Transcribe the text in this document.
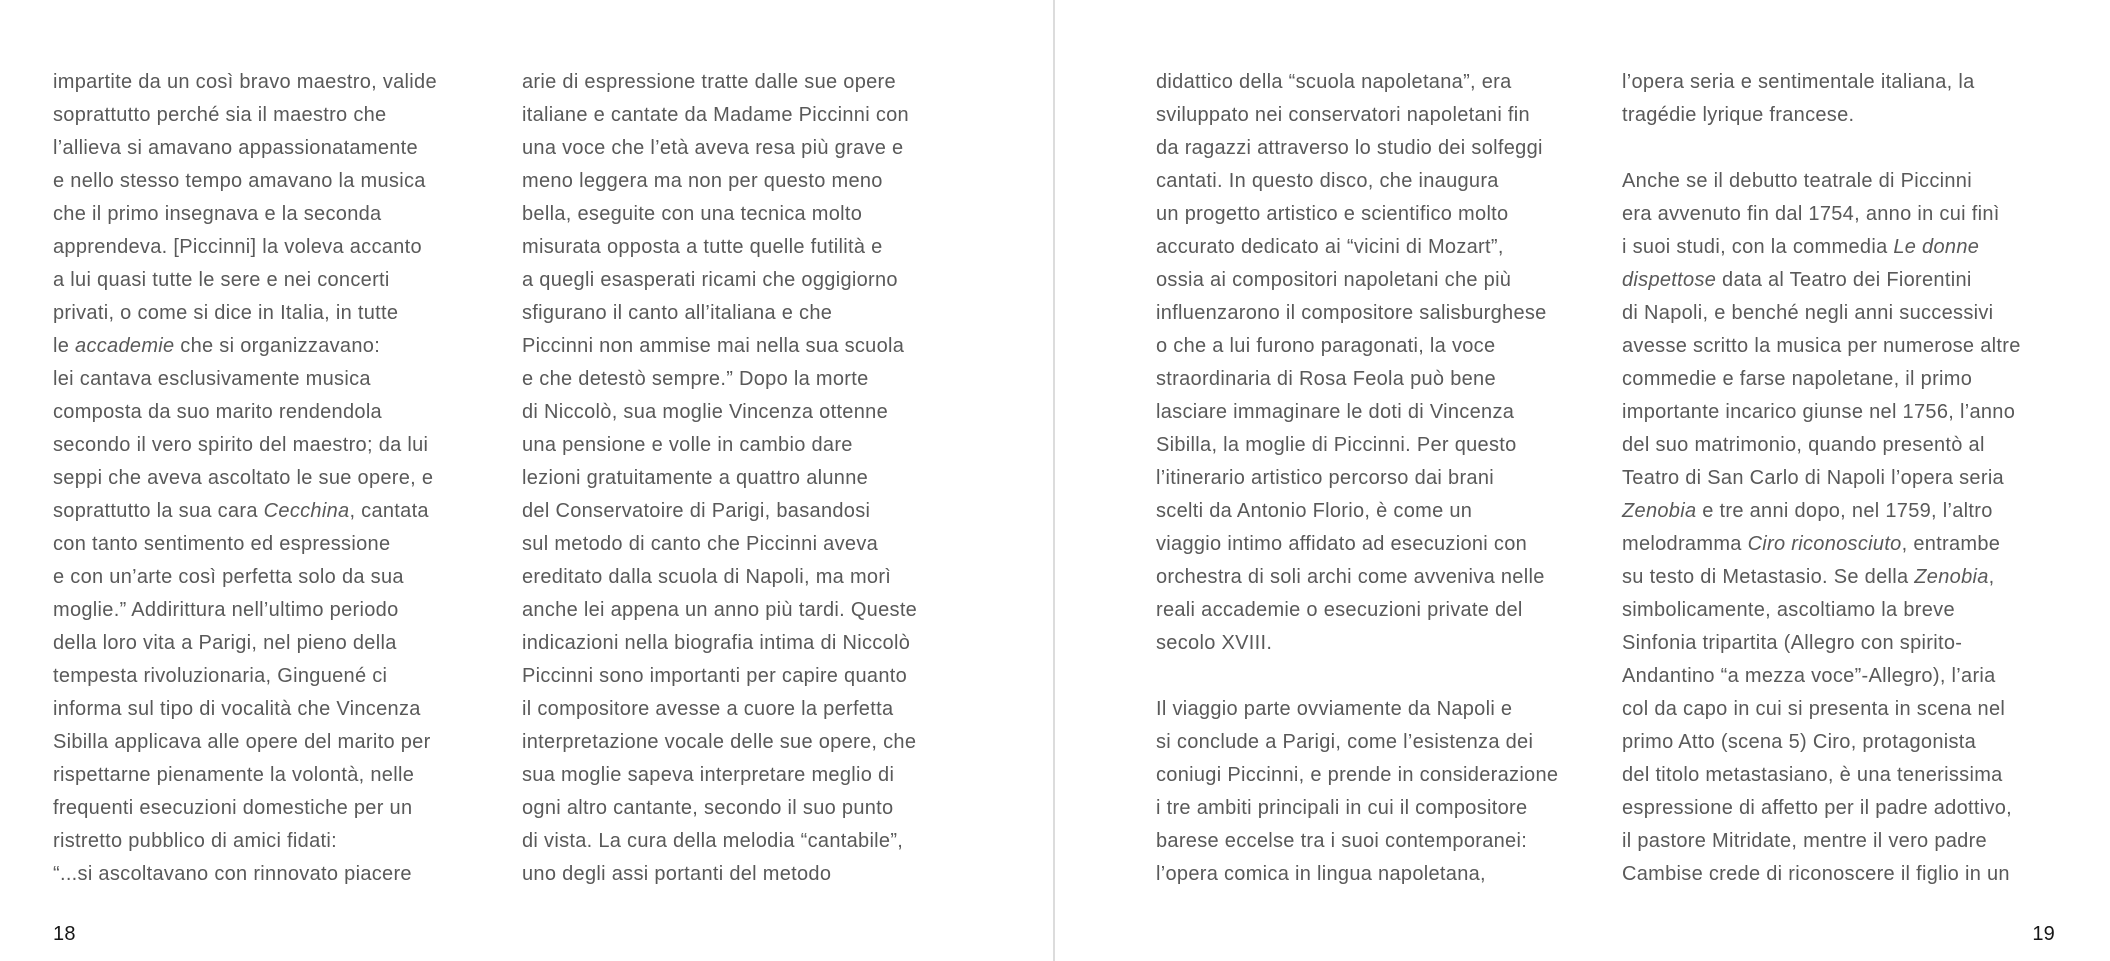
impartite da un così bravo maestro, valide
soprattutto perché sia il maestro che
l’allieva si amavano appassionatamente
e nello stesso tempo amavano la musica
che il primo insegnava e la seconda
apprendeva. [Piccinni] la voleva accanto
a lui quasi tutte le sere e nei concerti
privati, o come si dice in Italia, in tutte
le accademie che si organizzavano:
lei cantava esclusivamente musica
composta da suo marito rendendola
secondo il vero spirito del maestro; da lui
seppi che aveva ascoltato le sue opere, e
soprattutto la sua cara Cecchina, cantata
con tanto sentimento ed espressione
e con un’arte così perfetta solo da sua
moglie.” Addirittura nell’ultimo periodo
della loro vita a Parigi, nel pieno della
tempesta rivoluzionaria, Ginguené ci
informa sul tipo di vocalità che Vincenza
Sibilla applicava alle opere del marito per
rispettarne pienamente la volontà, nelle
frequenti esecuzioni domestiche per un
ristretto pubblico di amici fidati:
“...si ascoltavano con rinnovato piacere
arie di espressione tratte dalle sue opere
italiane e cantate da Madame Piccinni con
una voce che l’età aveva resa più grave e
meno leggera ma non per questo meno
bella, eseguite con una tecnica molto
misurata opposta a tutte quelle futilità e
a quegli esasperati ricami che oggigiorno
sfigurano il canto all’italiana e che
Piccinni non ammise mai nella sua scuola
e che detestò sempre.” Dopo la morte
di Niccolò, sua moglie Vincenza ottenne
una pensione e volle in cambio dare
lezioni gratuitamente a quattro alunne
del Conservatoire di Parigi, basandosi
sul metodo di canto che Piccinni aveva
ereditato dalla scuola di Napoli, ma morì
anche lei appena un anno più tardi. Queste
indicazioni nella biografia intima di Niccolò
Piccinni sono importanti per capire quanto
il compositore avesse a cuore la perfetta
interpretazione vocale delle sue opere, che
sua moglie sapeva interpretare meglio di
ogni altro cantante, secondo il suo punto
di vista. La cura della melodia “cantabile”,
uno degli assi portanti del metodo
18
didattico della “scuola napoletana”, era
sviluppato nei conservatori napoletani fin
da ragazzi attraverso lo studio dei solfeggi
cantati. In questo disco, che inaugura
un progetto artistico e scientifico molto
accurato dedicato ai “vicini di Mozart”,
ossia ai compositori napoletani che più
influenzarono il compositore salisburghese
o che a lui furono paragonati, la voce
straordinaria di Rosa Feola può bene
lasciare immaginare le doti di Vincenza
Sibilla, la moglie di Piccinni. Per questo
l’itinerario artistico percorso dai brani
scelti da Antonio Florio, è come un
viaggio intimo affidato ad esecuzioni con
orchestra di soli archi come avveniva nelle
reali accademie o esecuzioni private del
secolo XVIII.
Il viaggio parte ovviamente da Napoli e
si conclude a Parigi, come l’esistenza dei
coniugi Piccinni, e prende in considerazione
i tre ambiti principali in cui il compositore
barese eccelse tra i suoi contemporanei:
l’opera comica in lingua napoletana,
l’opera seria e sentimentale italiana, la
tragédie lyrique francese.
Anche se il debutto teatrale di Piccinni
era avvenuto fin dal 1754, anno in cui finì
i suoi studi, con la commedia Le donne
dispettose data al Teatro dei Fiorentini
di Napoli, e benché negli anni successivi
avesse scritto la musica per numerose altre
commedie e farse napoletane, il primo
importante incarico giunse nel 1756, l’anno
del suo matrimonio, quando presentò al
Teatro di San Carlo di Napoli l’opera seria
Zenobia e tre anni dopo, nel 1759, l’altro
melodramma Ciro riconosciuto, entrambe
su testo di Metastasio. Se della Zenobia,
simbolicamente, ascoltiamo la breve
Sinfonia tripartita (Allegro con spirito-
Andantino “a mezza voce”-Allegro), l’aria
col da capo in cui si presenta in scena nel
primo Atto (scena 5) Ciro, protagonista
del titolo metastasiano, è una tenerissima
espressione di affetto per il padre adottivo,
il pastore Mitridate, mentre il vero padre
Cambise crede di riconoscere il figlio in un
19
